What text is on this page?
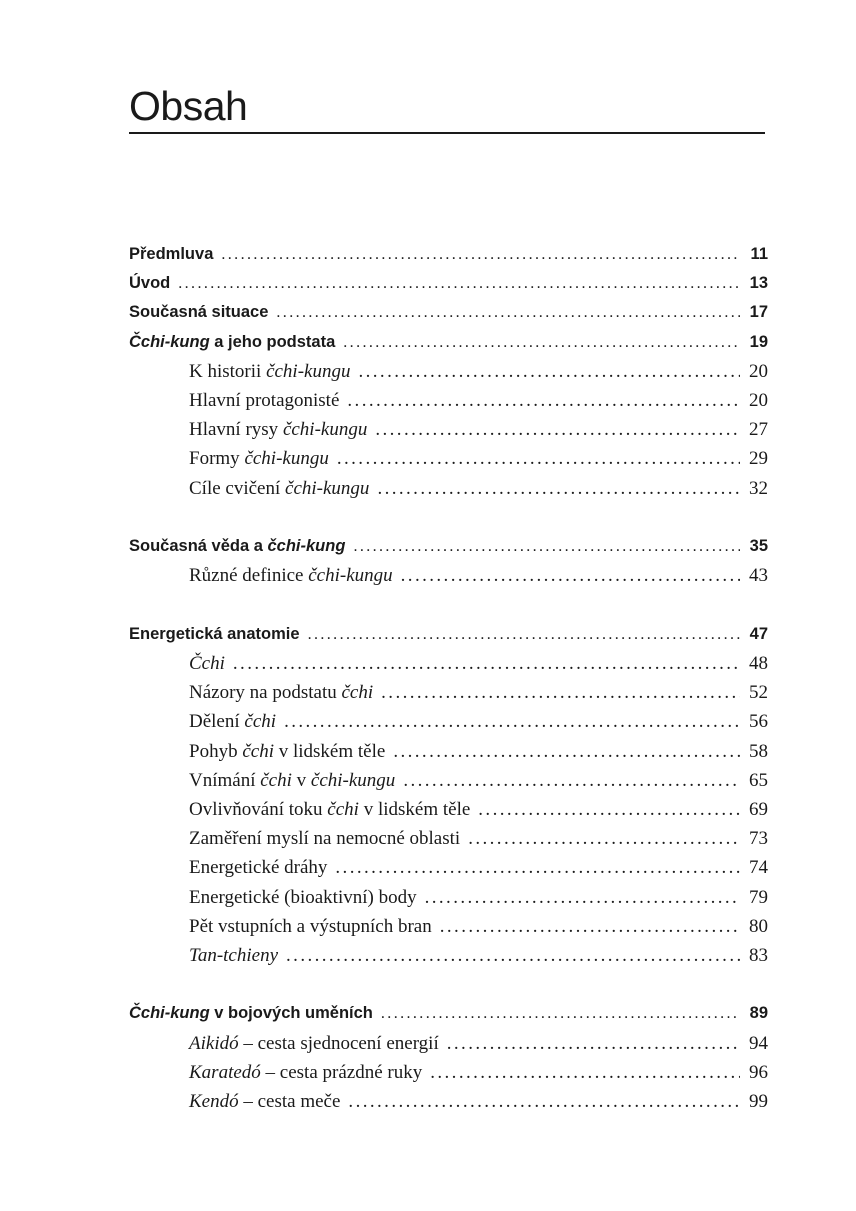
Obsah
Předmluva .....	11
Úvod .....	13
Současná situace .....	17
Čchi-kung a jeho podstata .....	19
K historii čchi-kungu .....	20
Hlavní protagonisté .....	20
Hlavní rysy čchi-kungu .....	27
Formy čchi-kungu .....	29
Cíle cvičení čchi-kungu .....	32
Současná věda a čchi-kung .....	35
Různé definice čchi-kungu .....	43
Energetická anatomie .....	47
Čchi .....	48
Názory na podstatu čchi .....	52
Dělení čchi .....	56
Pohyb čchi v lidském těle .....	58
Vnímání čchi v čchi-kungu .....	65
Ovlivňování toku čchi v lidském těle .....	69
Zaměření myslí na nemocné oblasti .....	73
Energetické dráhy .....	74
Energetické (bioaktivní) body .....	79
Pět vstupních a výstupních bran .....	80
Tan-tchieny .....	83
Čchi-kung v bojových uměních .....	89
Aikidó – cesta sjednocení energií .....	94
Karatedó – cesta prázdné ruky .....	96
Kendó – cesta meče .....	99
